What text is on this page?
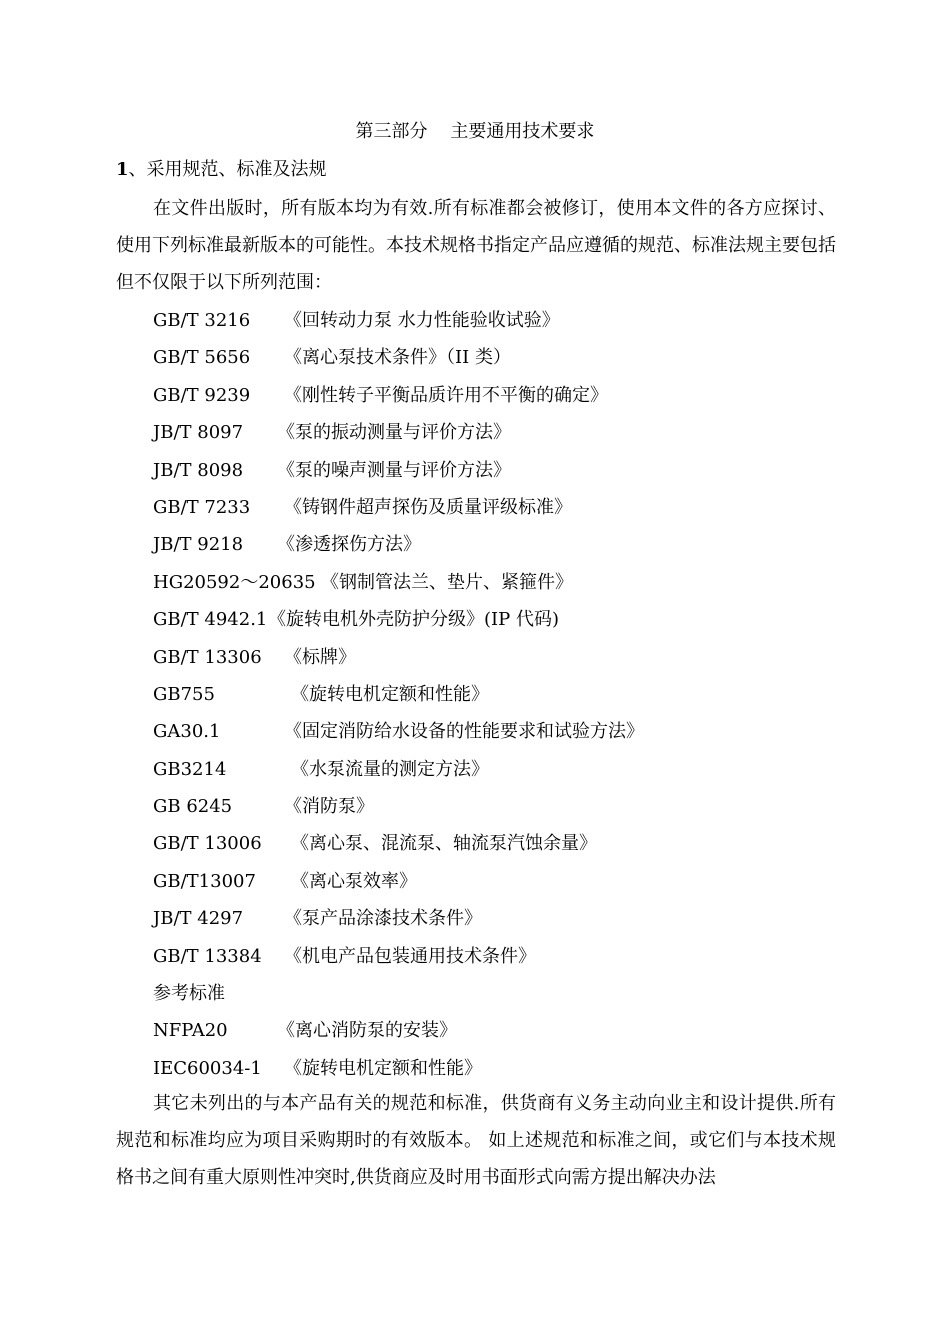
第三部分    主要通用技术要求
1、采用规范、标准及法规
在文件出版时，所有版本均为有效.所有标准都会被修订，使用本文件的各方应探讨、使用下列标准最新版本的可能性。本技术规格书指定产品应遵循的规范、标准法规主要包括但不仅限于以下所列范围：
GB/T 3216 《回转动力泵 水力性能验收试验》
GB/T 5656 《离心泵技术条件》（II 类）
GB/T 9239 《刚性转子平衡品质许用不平衡的确定》
JB/T 8097 《泵的振动测量与评价方法》
JB/T 8098 《泵的噪声测量与评价方法》
GB/T 7233 《铸钢件超声探伤及质量评级标准》
JB/T 9218 《渗透探伤方法》
HG20592～20635 《钢制管法兰、垫片、紧箍件》
GB/T 4942.1 《旋转电机外壳防护分级》(IP 代码)
GB/T 13306 《标牌》
GB755	《旋转电机定额和性能》
GA30.1	《固定消防给水设备的性能要求和试验方法》
GB3214	《水泵流量的测定方法》
GB 6245	《消防泵》
GB/T 13006 《离心泵、混流泵、轴流泵汽蚀余量》
GB/T13007 《离心泵效率》
JB/T 4297 《泵产品涂漆技术条件》
GB/T 13384 《机电产品包装通用技术条件》
参考标准
NFPA20	《离心消防泵的安装》
IEC60034-1 《旋转电机定额和性能》
其它未列出的与本产品有关的规范和标准，供货商有义务主动向业主和设计提供.所有规范和标准均应为项目采购期时的有效版本。 如上述规范和标准之间，或它们与本技术规格书之间有重大原则性冲突时,供货商应及时用书面形式向需方提出解决办法
